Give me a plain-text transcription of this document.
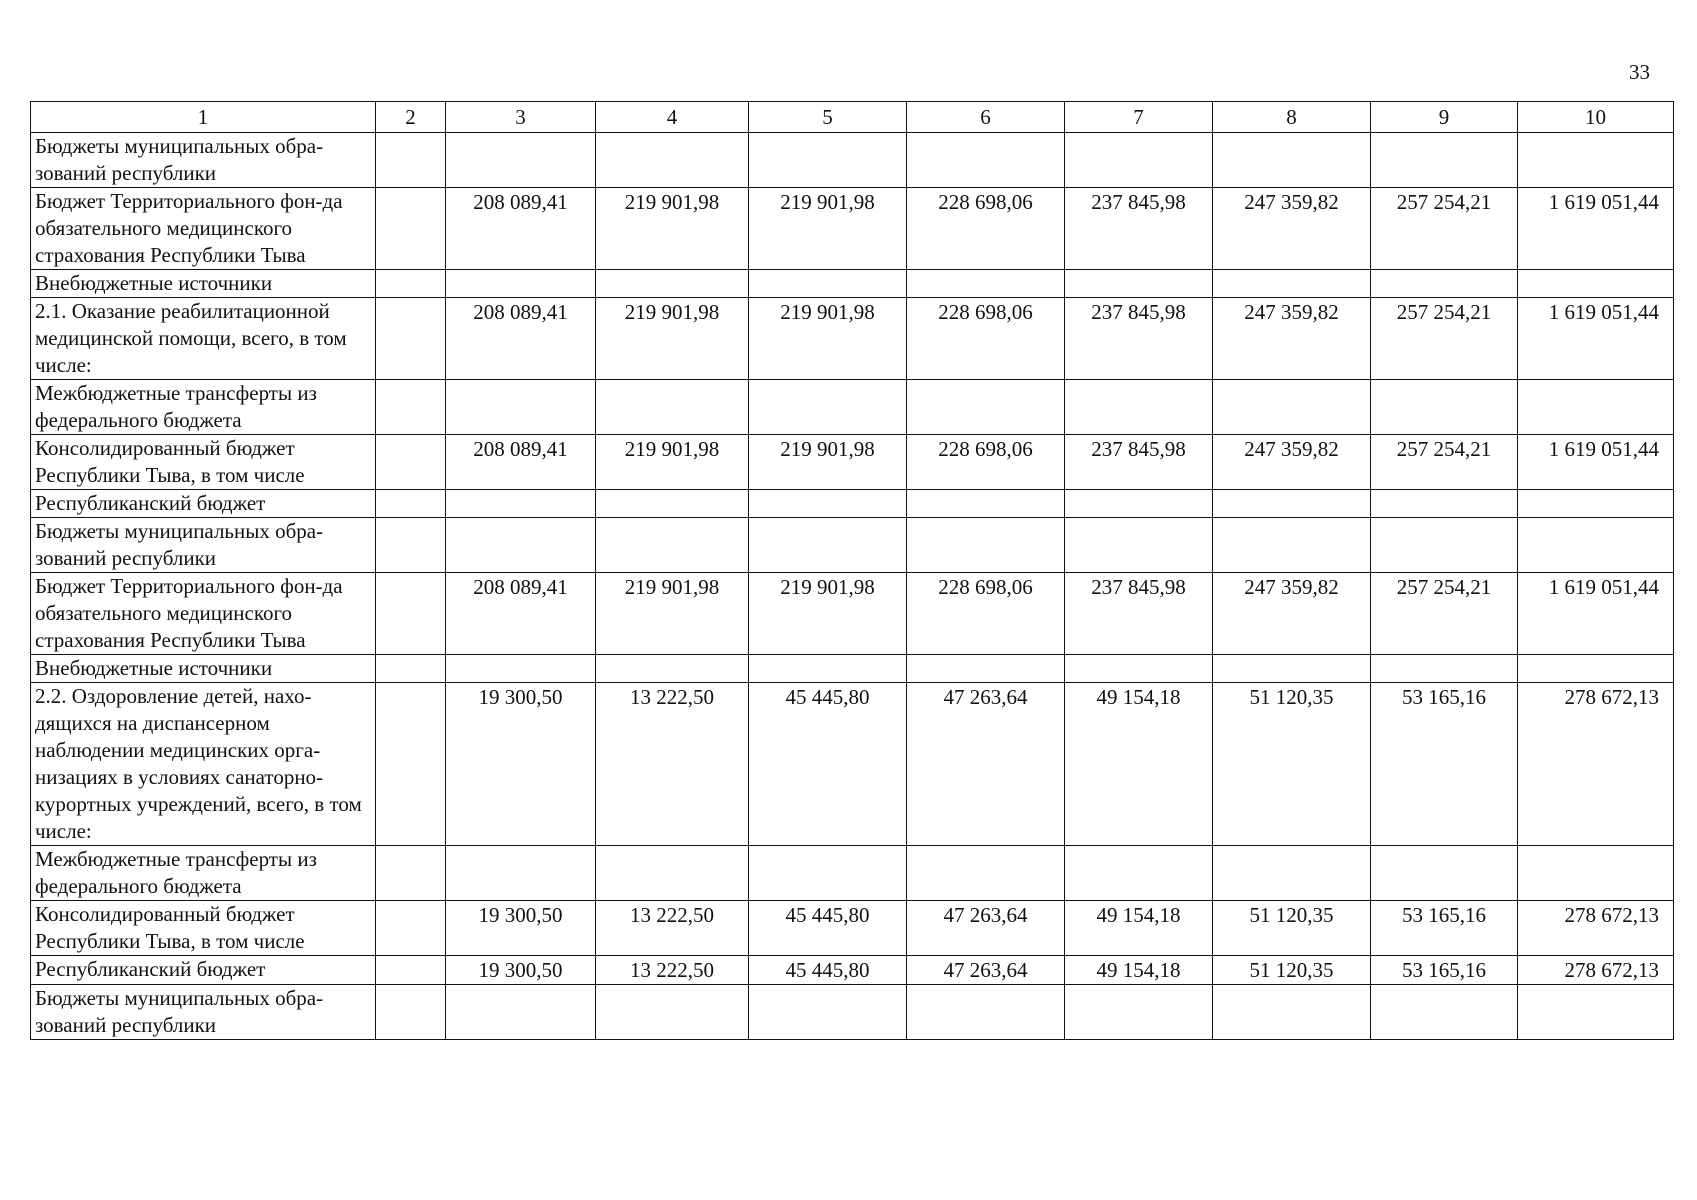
33
1	2	3	4	5	6	7	8	9	10
Бюджеты муниципальных обра-зований республики									
Бюджет Территориального фон-да обязательного медицинского страхования Республики Тыва		208 089,41	219 901,98	219 901,98	228 698,06	237 845,98	247 359,82	257 254,21	1 619 051,44
Внебюджетные источники									
2.1. Оказание реабилитационной медицинской помощи, всего, в том числе:		208 089,41	219 901,98	219 901,98	228 698,06	237 845,98	247 359,82	257 254,21	1 619 051,44
Межбюджетные трансферты из федерального бюджета									
Консолидированный бюджет Республики Тыва, в том числе		208 089,41	219 901,98	219 901,98	228 698,06	237 845,98	247 359,82	257 254,21	1 619 051,44
Республиканский бюджет									
Бюджеты муниципальных обра-зований республики									
Бюджет Территориального фон-да обязательного медицинского страхования Республики Тыва		208 089,41	219 901,98	219 901,98	228 698,06	237 845,98	247 359,82	257 254,21	1 619 051,44
Внебюджетные источники									
2.2. Оздоровление детей, нахо-дящихся на диспансерном наблюдении медицинских орга-низациях в условиях санаторно-курортных учреждений, всего, в том числе:		19 300,50	13 222,50	45 445,80	47 263,64	49 154,18	51 120,35	53 165,16	278 672,13
Межбюджетные трансферты из федерального бюджета									
Консолидированный бюджет Республики Тыва, в том числе		19 300,50	13 222,50	45 445,80	47 263,64	49 154,18	51 120,35	53 165,16	278 672,13
Республиканский бюджет		19 300,50	13 222,50	45 445,80	47 263,64	49 154,18	51 120,35	53 165,16	278 672,13
Бюджеты муниципальных обра-зований республики									
